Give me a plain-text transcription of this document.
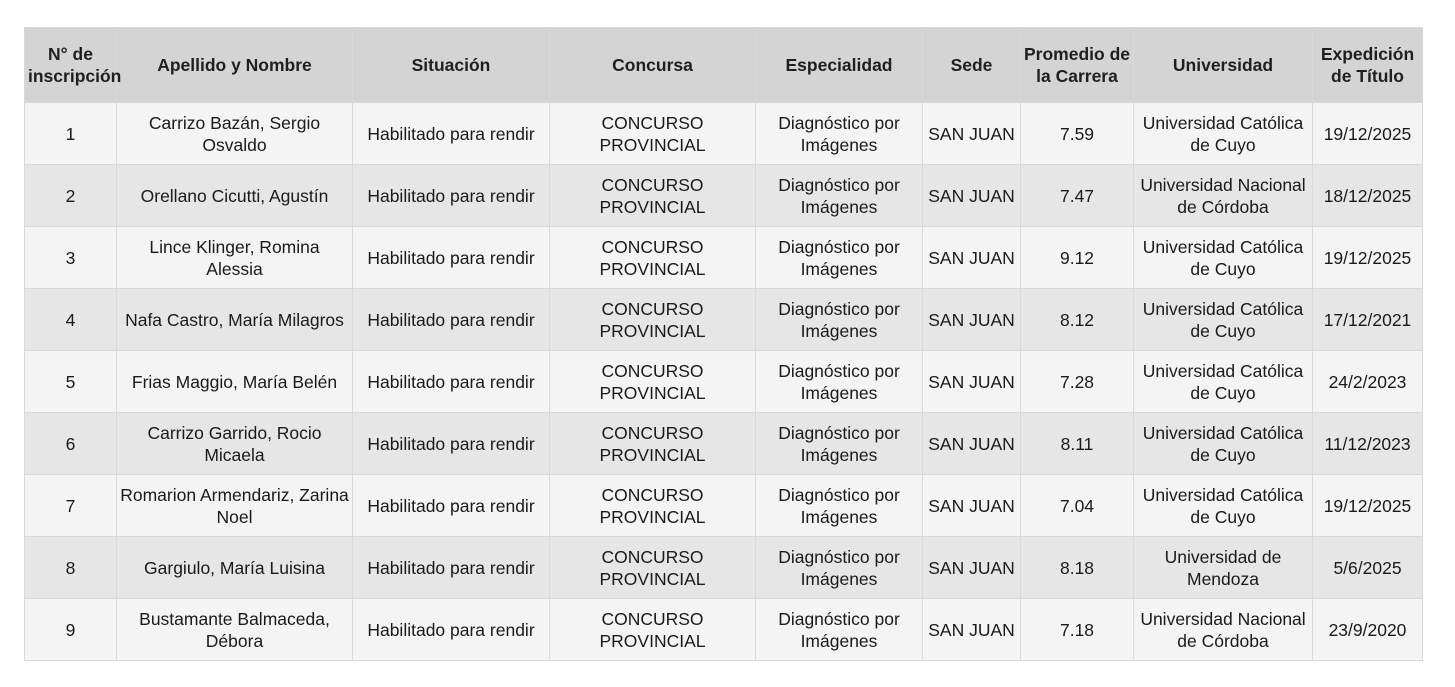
N° de inscripción	Apellido y Nombre	Situación	Concursa	Especialidad	Sede	Promedio de la Carrera	Universidad	Expedición de Título
1	Carrizo Bazán, Sergio Osvaldo	Habilitado para rendir	CONCURSO PROVINCIAL	Diagnóstico por Imágenes	SAN JUAN	7.59	Universidad Católica de Cuyo	19/12/2025
2	Orellano Cicutti, Agustín	Habilitado para rendir	CONCURSO PROVINCIAL	Diagnóstico por Imágenes	SAN JUAN	7.47	Universidad Nacional de Córdoba	18/12/2025
3	Lince Klinger, Romina Alessia	Habilitado para rendir	CONCURSO PROVINCIAL	Diagnóstico por Imágenes	SAN JUAN	9.12	Universidad Católica de Cuyo	19/12/2025
4	Nafa Castro, María Milagros	Habilitado para rendir	CONCURSO PROVINCIAL	Diagnóstico por Imágenes	SAN JUAN	8.12	Universidad Católica de Cuyo	17/12/2021
5	Frias Maggio, María Belén	Habilitado para rendir	CONCURSO PROVINCIAL	Diagnóstico por Imágenes	SAN JUAN	7.28	Universidad Católica de Cuyo	24/2/2023
6	Carrizo Garrido, Rocio Micaela	Habilitado para rendir	CONCURSO PROVINCIAL	Diagnóstico por Imágenes	SAN JUAN	8.11	Universidad Católica de Cuyo	11/12/2023
7	Romarion Armendariz, Zarina Noel	Habilitado para rendir	CONCURSO PROVINCIAL	Diagnóstico por Imágenes	SAN JUAN	7.04	Universidad Católica de Cuyo	19/12/2025
8	Gargiulo, María Luisina	Habilitado para rendir	CONCURSO PROVINCIAL	Diagnóstico por Imágenes	SAN JUAN	8.18	Universidad de Mendoza	5/6/2025
9	Bustamante Balmaceda, Débora	Habilitado para rendir	CONCURSO PROVINCIAL	Diagnóstico por Imágenes	SAN JUAN	7.18	Universidad Nacional de Córdoba	23/9/2020
